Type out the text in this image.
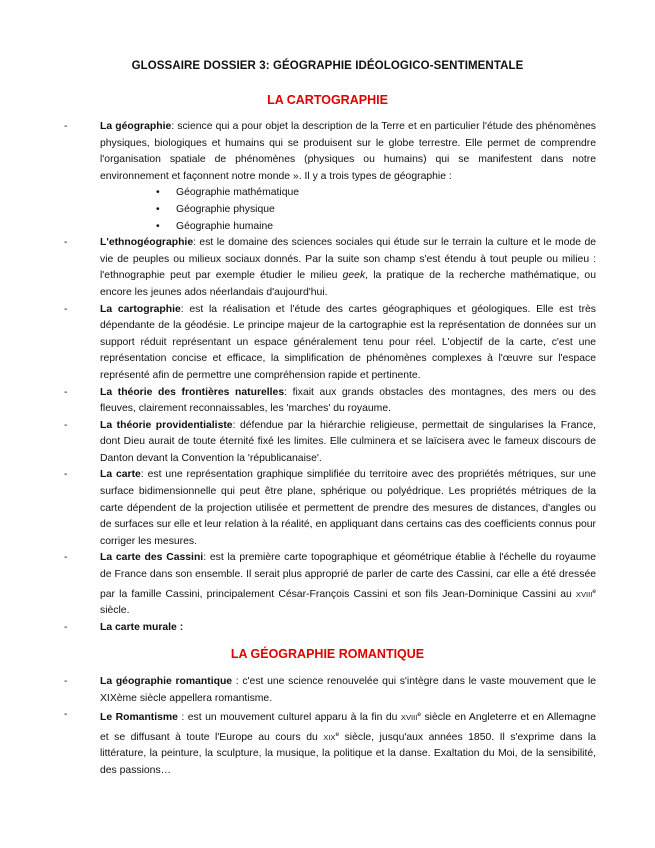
GLOSSAIRE DOSSIER 3: GÉOGRAPHIE IDÉOLOGICO-SENTIMENTALE
LA CARTOGRAPHIE
-	La géographie: science qui a pour objet la description de la Terre et en particulier l'étude des phénomènes physiques, biologiques et humains qui se produisent sur le globe terrestre. Elle permet de comprendre l'organisation spatiale de phénomènes (physiques ou humains) qui se manifestent dans notre environnement et façonnent notre monde ». Il y a trois types de géographie :
• Géographie mathématique
• Géographie physique
• Géographie humaine
-	L'ethnogéographie: est le domaine des sciences sociales qui étude sur le terrain la culture et le mode de vie de peuples ou milieux sociaux donnés. Par la suite son champ s'est étendu à tout peuple ou milieu : l'ethnographie peut par exemple étudier le milieu geek, la pratique de la recherche mathématique, ou encore les jeunes ados néerlandais d'aujourd'hui.
-	La cartographie: est la réalisation et l'étude des cartes géographiques et géologiques. Elle est très dépendante de la géodésie. Le principe majeur de la cartographie est la représentation de données sur un support réduit représentant un espace généralement tenu pour réel. L'objectif de la carte, c'est une représentation concise et efficace, la simplification de phénomènes complexes à l'œuvre sur l'espace représenté afin de permettre une compréhension rapide et pertinente.
-	La théorie des frontières naturelles: fixait aux grands obstacles des montagnes, des mers ou des fleuves, clairement reconnaissables, les 'marches' du royaume.
-	La théorie providentialiste: défendue par la hiérarchie religieuse, permettait de singularises la France, dont Dieu aurait de toute éternité fixé les limites. Elle culminera et se laïcisera avec le fameux discours de Danton devant la Convention la 'républicanaise'.
-	La carte: est une représentation graphique simplifiée du territoire avec des propriétés métriques, sur une surface bidimensionnelle qui peut être plane, sphérique ou polyédrique. Les propriétés métriques de la carte dépendent de la projection utilisée et permettent de prendre des mesures de distances, d'angles ou de surfaces sur elle et leur relation à la réalité, en appliquant dans certains cas des coefficients connus pour corriger les mesures.
-	La carte des Cassini: est la première carte topographique et géométrique établie à l'échelle du royaume de France dans son ensemble. Il serait plus approprié de parler de carte des Cassini, car elle a été dressée par la famille Cassini, principalement César-François Cassini et son fils Jean-Dominique Cassini au XVIIIe siècle.
-	La carte murale :
LA GÉOGRAPHIE ROMANTIQUE
-	La géographie romantique : c'est une science renouvelée qui s'intègre dans le vaste mouvement que le XIXème siècle appellera romantisme.
-	Le Romantisme : est un mouvement culturel apparu à la fin du XVIIIe siècle en Angleterre et en Allemagne et se diffusant à toute l'Europe au cours du XIXe siècle, jusqu'aux années 1850. Il s'exprime dans la littérature, la peinture, la sculpture, la musique, la politique et la danse. Exaltation du Moi, de la sensibilité, des passions…
